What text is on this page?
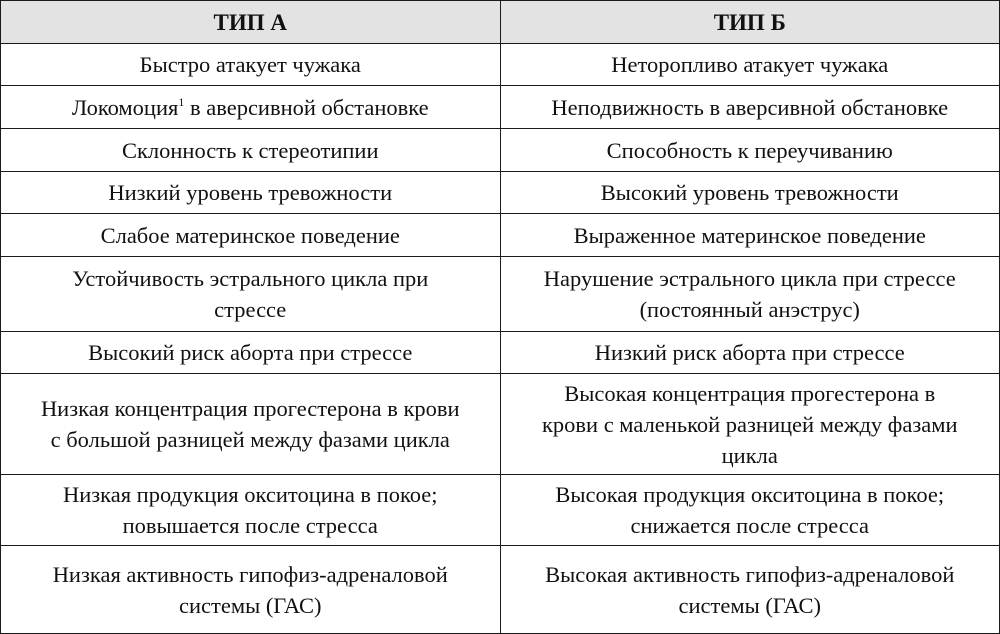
ТИП А	ТИП Б
Быстро атакует чужака	Неторопливо атакует чужака
Локомоция$^1$ в аверсивной обстановке	Неподвижность в аверсивной обстановке
Склонность к стереотипии	Способность к переучиванию
Низкий уровень тревожности	Высокий уровень тревожности
Слабое материнское поведение	Выраженное материнское поведение
Устойчивость эстрального цикла при стрессе	Нарушение эстрального цикла при стрессе (постоянный анэструс)
Высокий риск аборта при стрессе	Низкий риск аборта при стрессе
Низкая концентрация прогестерона в крови с большой разницей между фазами цикла	Высокая концентрация прогестерона в крови с маленькой разницей между фазами цикла
Низкая продукция окситоцина в покое; повышается после стресса	Высокая продукция окситоцина в покое; снижается после стресса
Низкая активность гипофиз-адреналовой системы (ГАС)	Высокая активность гипофиз-адреналовой системы (ГАС)
